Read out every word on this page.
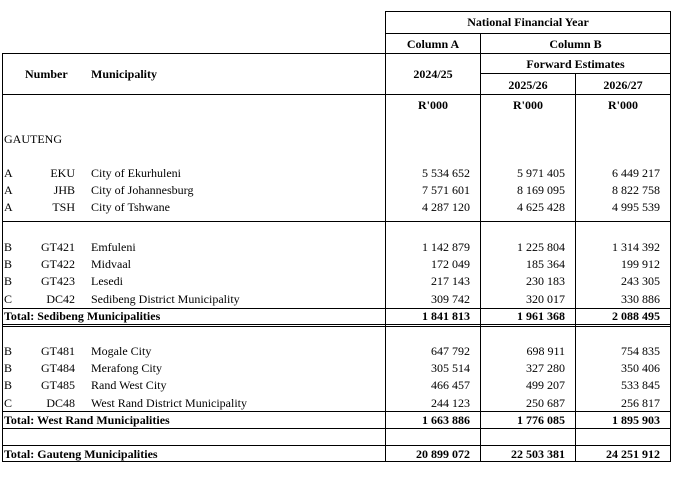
National Financial Year
Column A	Column B
Forward Estimates
Number Municipality	2024/25
2025/26	2026/27
R'000	R'000	R'000
GAUTENG
A	EKU City of Ekurhuleni	5 534 652	5 971 405	6 449 217
A	JHB City of Johannesburg	7 571 601	8 169 095	8 822 758
A	TSH City of Tshwane	4 287 120	4 625 428	4 995 539
B	GT421 Emfuleni	1 142 879	1 225 804	1 314 392
B	GT422 Midvaal	172 049	185 364	199 912
B	GT423 Lesedi	217 143	230 183	243 305
C	DC42 Sedibeng District Municipality	309 742	320 017	330 886
Total: Sedibeng Municipalities	1 841 813	1 961 368	2 088 495
B	GT481 Mogale City	647 792	698 911	754 835
B	GT484 Merafong City	305 514	327 280	350 406
B	GT485 Rand West City	466 457	499 207	533 845
C	DC48 West Rand District Municipality	244 123	250 687	256 817
Total: West Rand Municipalities	1 663 886	1 776 085	1 895 903
Total: Gauteng Municipalities	20 899 072	22 503 381	24 251 912
